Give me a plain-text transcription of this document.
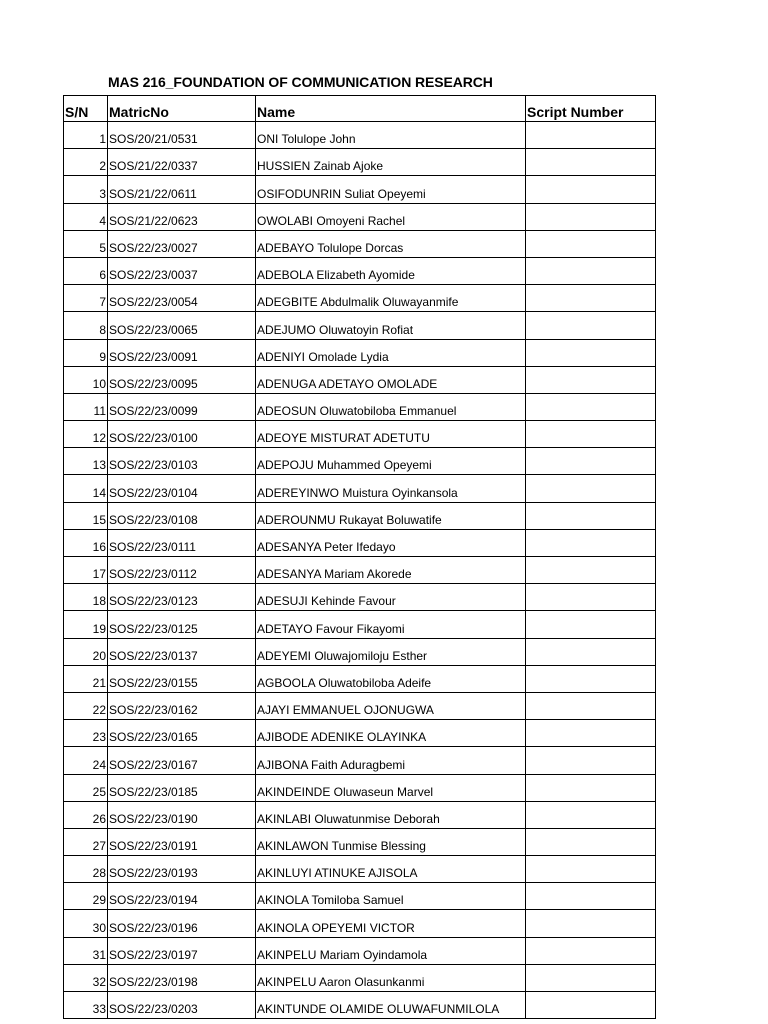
MAS 216_FOUNDATION OF COMMUNICATION RESEARCH
S/N	MatricNo	Name	Script Number
1	SOS/20/21/0531	ONI Tolulope John	
2	SOS/21/22/0337	HUSSIEN Zainab Ajoke	
3	SOS/21/22/0611	OSIFODUNRIN Suliat Opeyemi	
4	SOS/21/22/0623	OWOLABI Omoyeni Rachel	
5	SOS/22/23/0027	ADEBAYO Tolulope Dorcas	
6	SOS/22/23/0037	ADEBOLA Elizabeth Ayomide	
7	SOS/22/23/0054	ADEGBITE Abdulmalik Oluwayanmife	
8	SOS/22/23/0065	ADEJUMO Oluwatoyin Rofiat	
9	SOS/22/23/0091	ADENIYI Omolade Lydia	
10	SOS/22/23/0095	ADENUGA ADETAYO OMOLADE	
11	SOS/22/23/0099	ADEOSUN Oluwatobiloba Emmanuel	
12	SOS/22/23/0100	ADEOYE MISTURAT ADETUTU	
13	SOS/22/23/0103	ADEPOJU Muhammed Opeyemi	
14	SOS/22/23/0104	ADEREYINWO Muistura Oyinkansola	
15	SOS/22/23/0108	ADEROUNMU Rukayat Boluwatife	
16	SOS/22/23/0111	ADESANYA Peter Ifedayo	
17	SOS/22/23/0112	ADESANYA Mariam Akorede	
18	SOS/22/23/0123	ADESUJI Kehinde Favour	
19	SOS/22/23/0125	ADETAYO Favour Fikayomi	
20	SOS/22/23/0137	ADEYEMI Oluwajomiloju Esther	
21	SOS/22/23/0155	AGBOOLA Oluwatobiloba Adeife	
22	SOS/22/23/0162	AJAYI EMMANUEL OJONUGWA	
23	SOS/22/23/0165	AJIBODE ADENIKE OLAYINKA	
24	SOS/22/23/0167	AJIBONA Faith Aduragbemi	
25	SOS/22/23/0185	AKINDEINDE Oluwaseun Marvel	
26	SOS/22/23/0190	AKINLABI Oluwatunmise Deborah	
27	SOS/22/23/0191	AKINLAWON Tunmise Blessing	
28	SOS/22/23/0193	AKINLUYI ATINUKE AJISOLA	
29	SOS/22/23/0194	AKINOLA Tomiloba Samuel	
30	SOS/22/23/0196	AKINOLA OPEYEMI VICTOR	
31	SOS/22/23/0197	AKINPELU Mariam Oyindamola	
32	SOS/22/23/0198	AKINPELU Aaron Olasunkanmi	
33	SOS/22/23/0203	AKINTUNDE OLAMIDE OLUWAFUNMILOLA	
